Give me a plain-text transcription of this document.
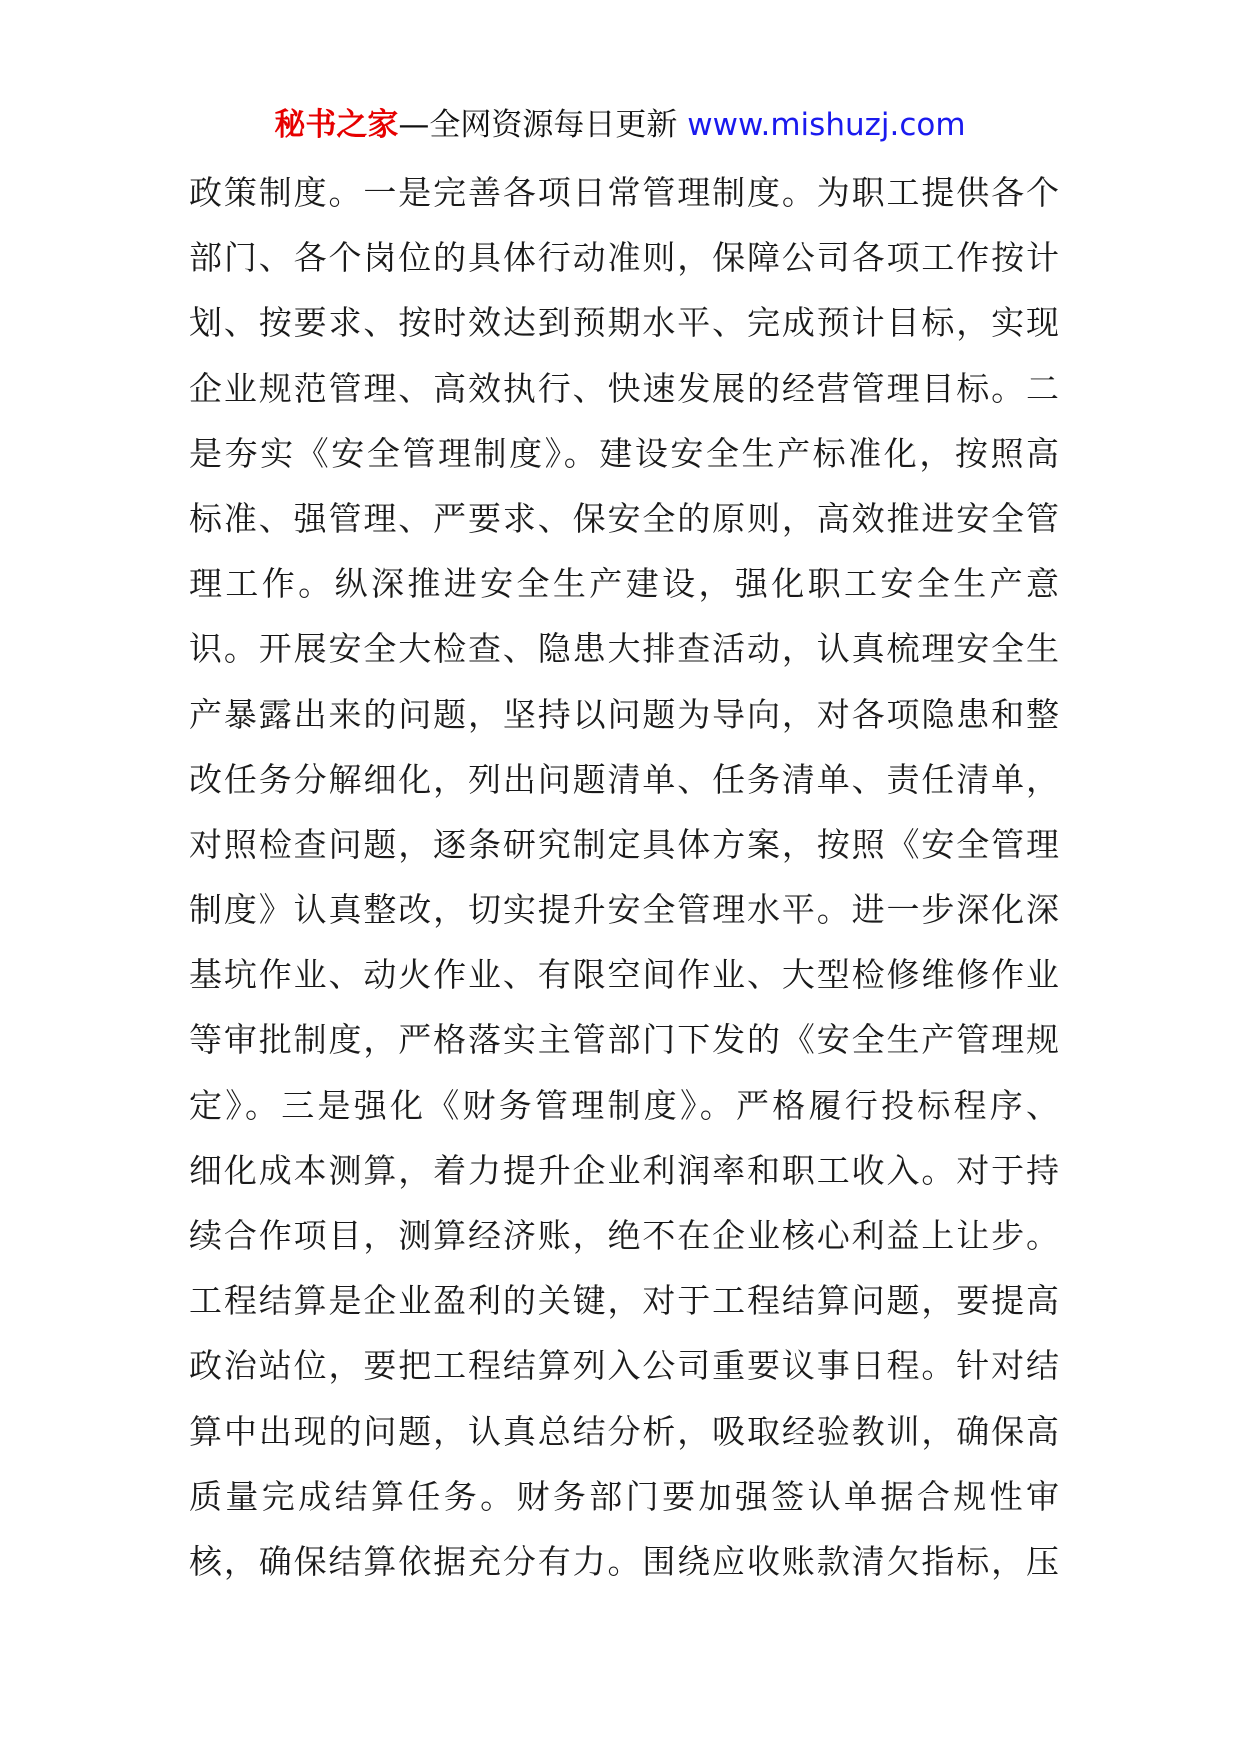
秘书之家—全网资源每日更新 www.mishuzj.com
政策制度。一是完善各项日常管理制度。为职工提供各个
部门、各个岗位的具体行动准则，保障公司各项工作按计
划、按要求、按时效达到预期水平、完成预计目标，实现
企业规范管理、高效执行、快速发展的经营管理目标。二
是夯实《安全管理制度》。建设安全生产标准化，按照高
标准、强管理、严要求、保安全的原则，高效推进安全管
理工作。纵深推进安全生产建设，强化职工安全生产意
识。开展安全大检查、隐患大排查活动，认真梳理安全生
产暴露出来的问题，坚持以问题为导向，对各项隐患和整
改任务分解细化，列出问题清单、任务清单、责任清单，
对照检查问题，逐条研究制定具体方案，按照《安全管理
制度》认真整改，切实提升安全管理水平。进一步深化深
基坑作业、动火作业、有限空间作业、大型检修维修作业
等审批制度，严格落实主管部门下发的《安全生产管理规
定》。三是强化《财务管理制度》。严格履行投标程序、
细化成本测算，着力提升企业利润率和职工收入。对于持
续合作项目，测算经济账，绝不在企业核心利益上让步。
工程结算是企业盈利的关键，对于工程结算问题，要提高
政治站位，要把工程结算列入公司重要议事日程。针对结
算中出现的问题，认真总结分析，吸取经验教训，确保高
质量完成结算任务。财务部门要加强签认单据合规性审
核，确保结算依据充分有力。围绕应收账款清欠指标，压
